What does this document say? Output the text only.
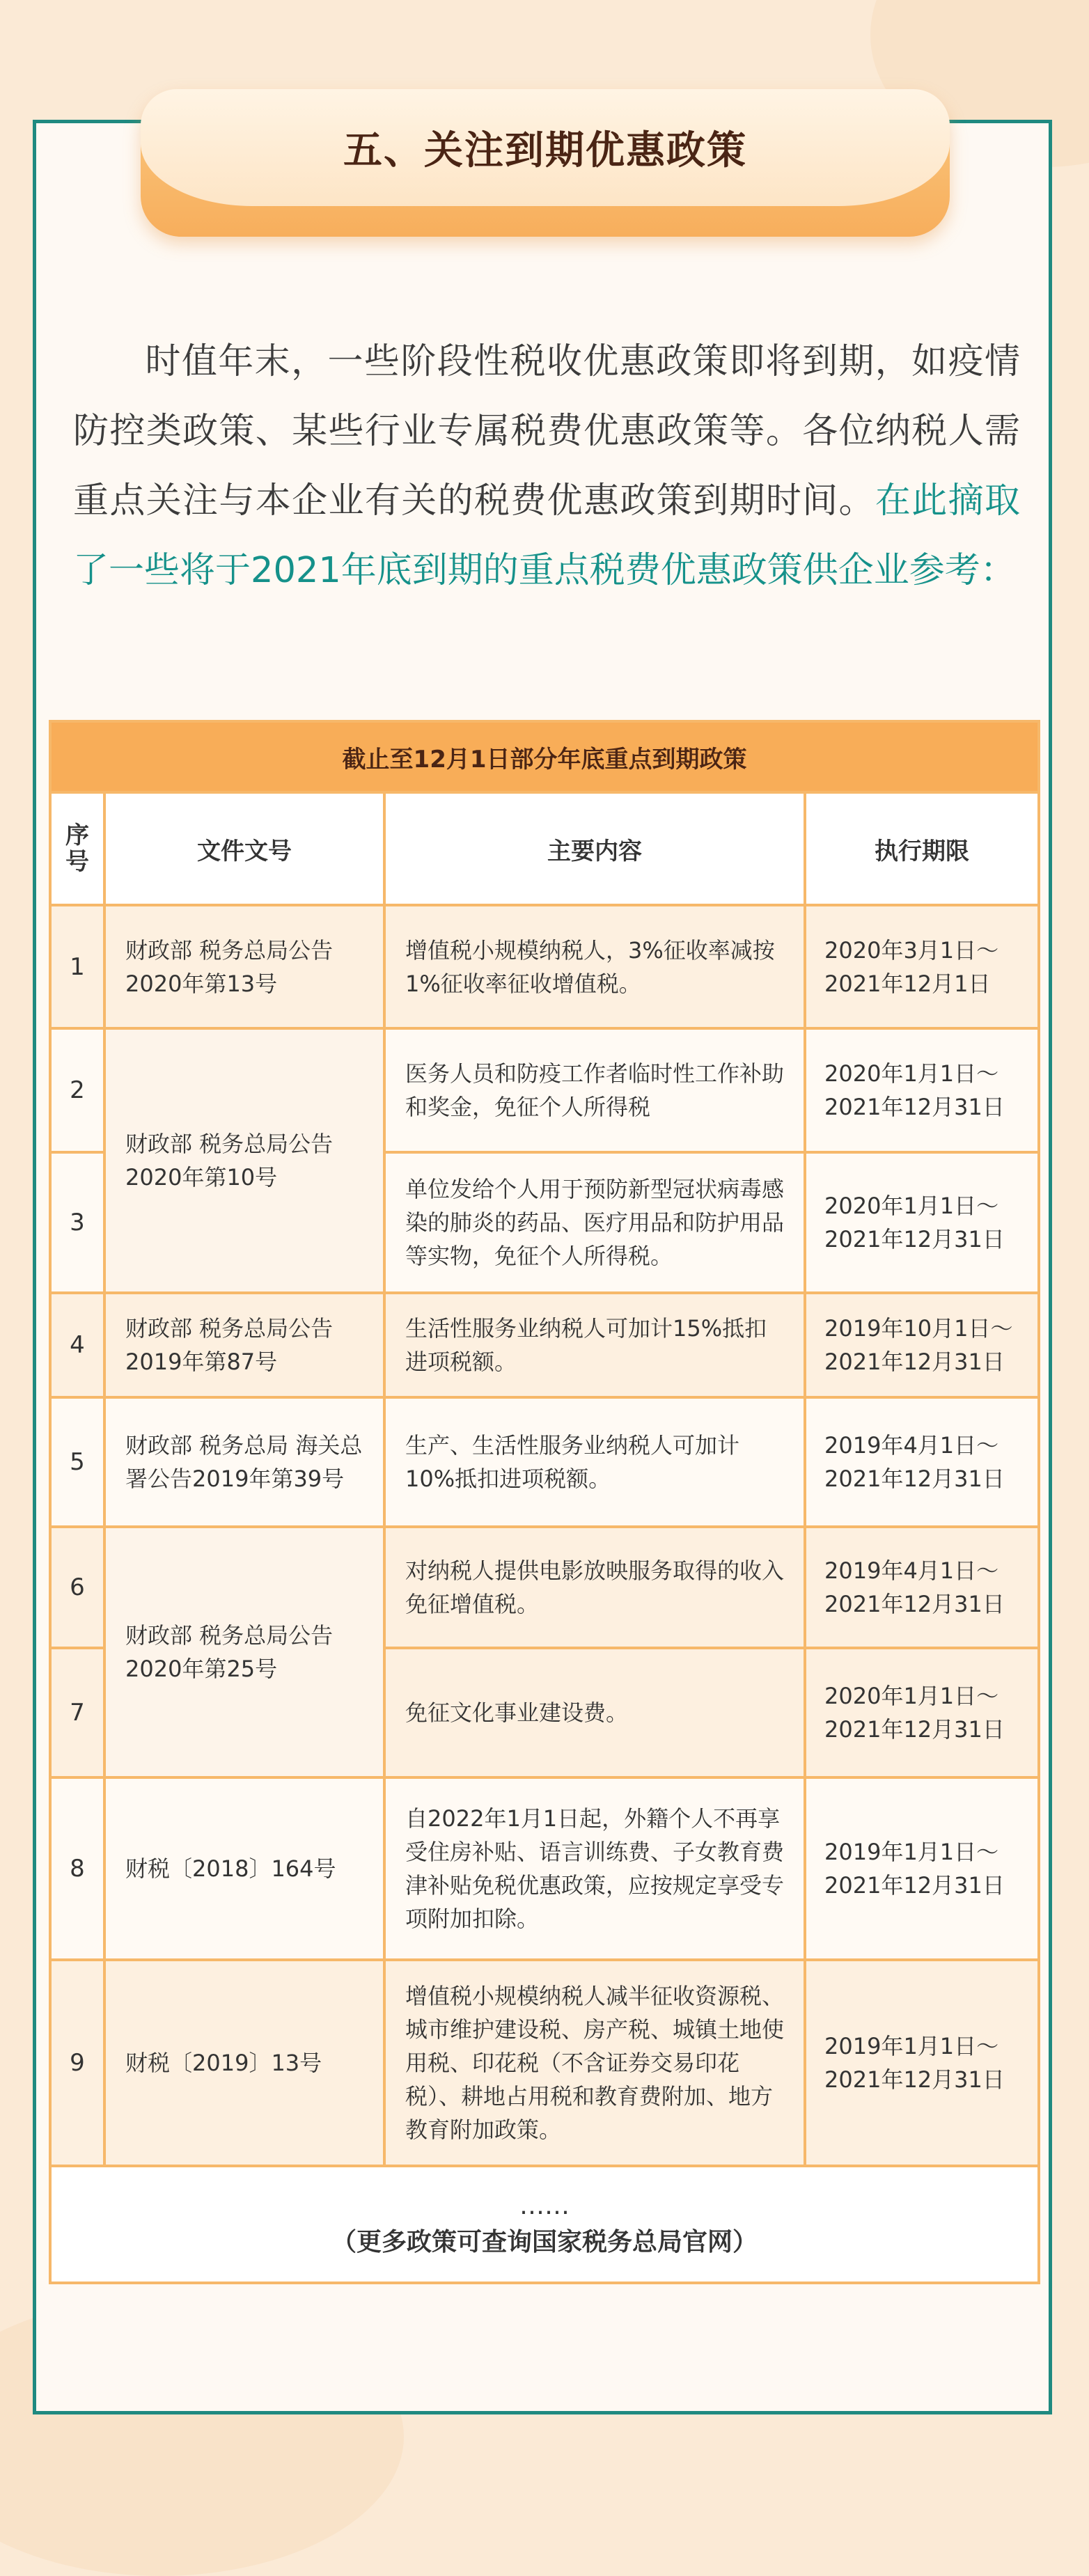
五、关注到期优惠政策
时值年末，一些阶段性税收优惠政策即将到期，如疫情防控类政策、某些行业专属税费优惠政策等。各位纳税人需重点关注与本企业有关的税费优惠政策到期时间。在此摘取了一些将于2021年底到期的重点税费优惠政策供企业参考：
截止至12月1日部分年底重点到期政策			
序号	文件文号	主要内容	执行期限
1	财政部 税务总局公告2020年第13号	增值税小规模纳税人，3%征收率减按1%征收率征收增值税。	2020年3月1日～2021年12月1日
2	财政部 税务总局公告2020年第10号	医务人员和防疫工作者临时性工作补助和奖金，免征个人所得税	2020年1月1日～2021年12月31日
3		单位发给个人用于预防新型冠状病毒感染的肺炎的药品、医疗用品和防护用品等实物，免征个人所得税。	2020年1月1日～2021年12月31日
4	财政部 税务总局公告2019年第87号	生活性服务业纳税人可加计15%抵扣进项税额。	2019年10月1日～2021年12月31日
5	财政部 税务总局 海关总署公告2019年第39号	生产、生活性服务业纳税人可加计10%抵扣进项税额。	2019年4月1日～2021年12月31日
6	财政部 税务总局公告2020年第25号	对纳税人提供电影放映服务取得的收入免征增值税。	2019年4月1日～2021年12月31日
7		免征文化事业建设费。	2020年1月1日～2021年12月31日
8	财税〔2018〕164号	自2022年1月1日起，外籍个人不再享受住房补贴、语言训练费、子女教育费津补贴免税优惠政策，应按规定享受专项附加扣除。	2019年1月1日～2021年12月31日
9	财税〔2019〕13号	增值税小规模纳税人减半征收资源税、城市维护建设税、房产税、城镇土地使用税、印花税（不含证券交易印花税）、耕地占用税和教育费附加、地方教育附加政策。	2019年1月1日～2021年12月31日

……
（更多政策可查询国家税务总局官网）			
